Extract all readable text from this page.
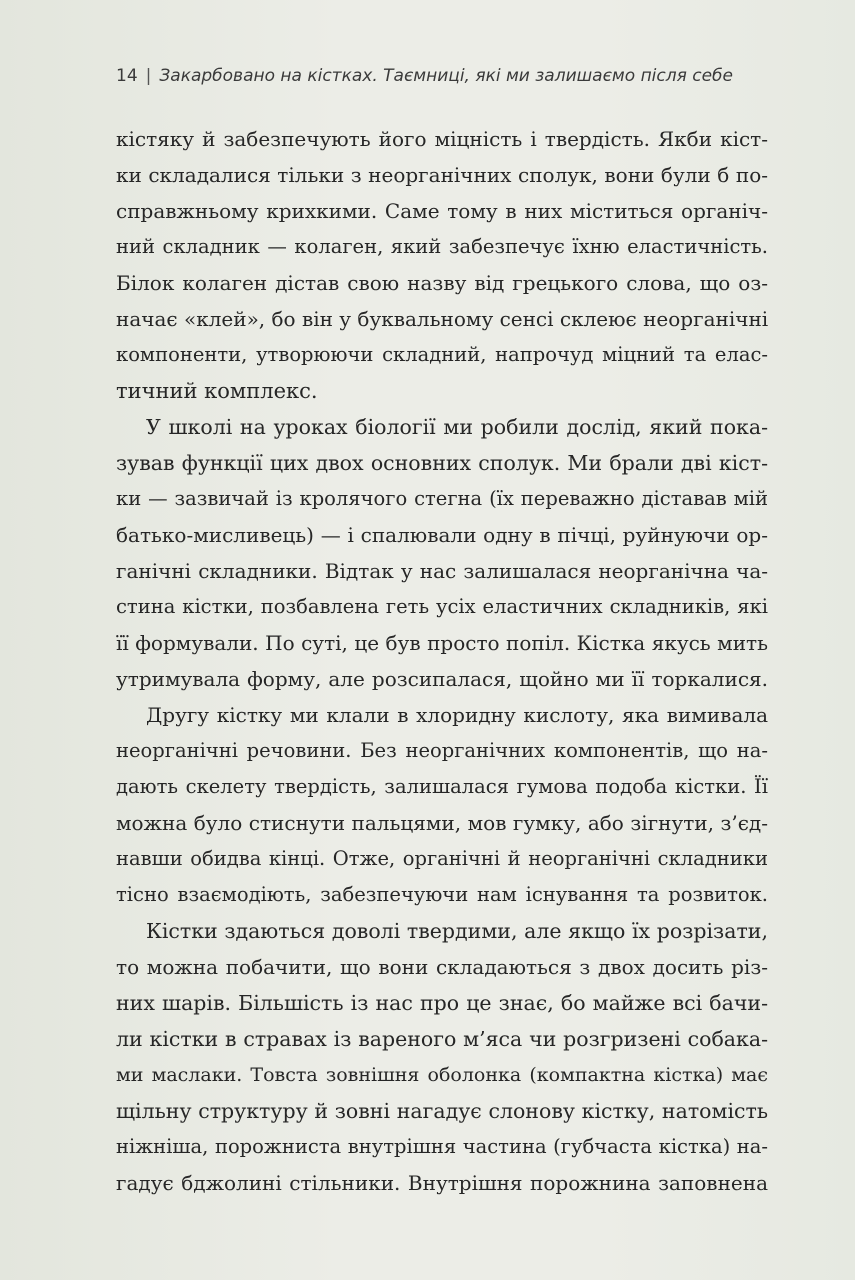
14 | Закарбовано на кістках. Таємниці, які ми залишаємо після себе
кістяку й забезпечують його міцність і твердість. Якби кіст-
ки складалися тільки з неорганічних сполук, вони були б по-
справжньому крихкими. Саме тому в них міститься органіч-
ний складник — колаген, який забезпечує їхню еластичність.
Білок колаген дістав свою назву від грецького слова, що оз-
начає «клей», бо він у буквальному сенсі склеює неорганічні
компоненти, утворюючи складний, напрочуд міцний та елас-
тичний комплекс.
У школі на уроках біології ми робили дослід, який пока-
зував функції цих двох основних сполук. Ми брали дві кіст-
ки — зазвичай із кролячого стегна (їх переважно діставав мій
батько-мисливець) — і спалювали одну в пічці, руйнуючи ор-
ганічні складники. Відтак у нас залишалася неорганічна ча-
стина кістки, позбавлена геть усіх еластичних складників, які
її формували. По суті, це був просто попіл. Кістка якусь мить
утримувала форму, але розсипалася, щойно ми її торкалися.
Другу кістку ми клали в хлоридну кислоту, яка вимивала
неорганічні речовини. Без неорганічних компонентів, що на-
дають скелету твердість, залишалася гумова подоба кістки. Її
можна було стиснути пальцями, мов гумку, або зігнути, з’єд-
навши обидва кінці. Отже, органічні й неорганічні складники
тісно взаємодіють, забезпечуючи нам існування та розвиток.
Кістки здаються доволі твердими, але якщо їх розрізати,
то можна побачити, що вони складаються з двох досить різ-
них шарів. Більшість із нас про це знає, бо майже всі бачи-
ли кістки в стравах із вареного м’яса чи розгризені собака-
ми маслаки. Товста зовнішня оболонка (компактна кістка) має
щільну структуру й зовні нагадує слонову кістку, натомість
ніжніша, порожниста внутрішня частина (губчаста кістка) на-
гадує бджолині стільники. Внутрішня порожнина заповнена
